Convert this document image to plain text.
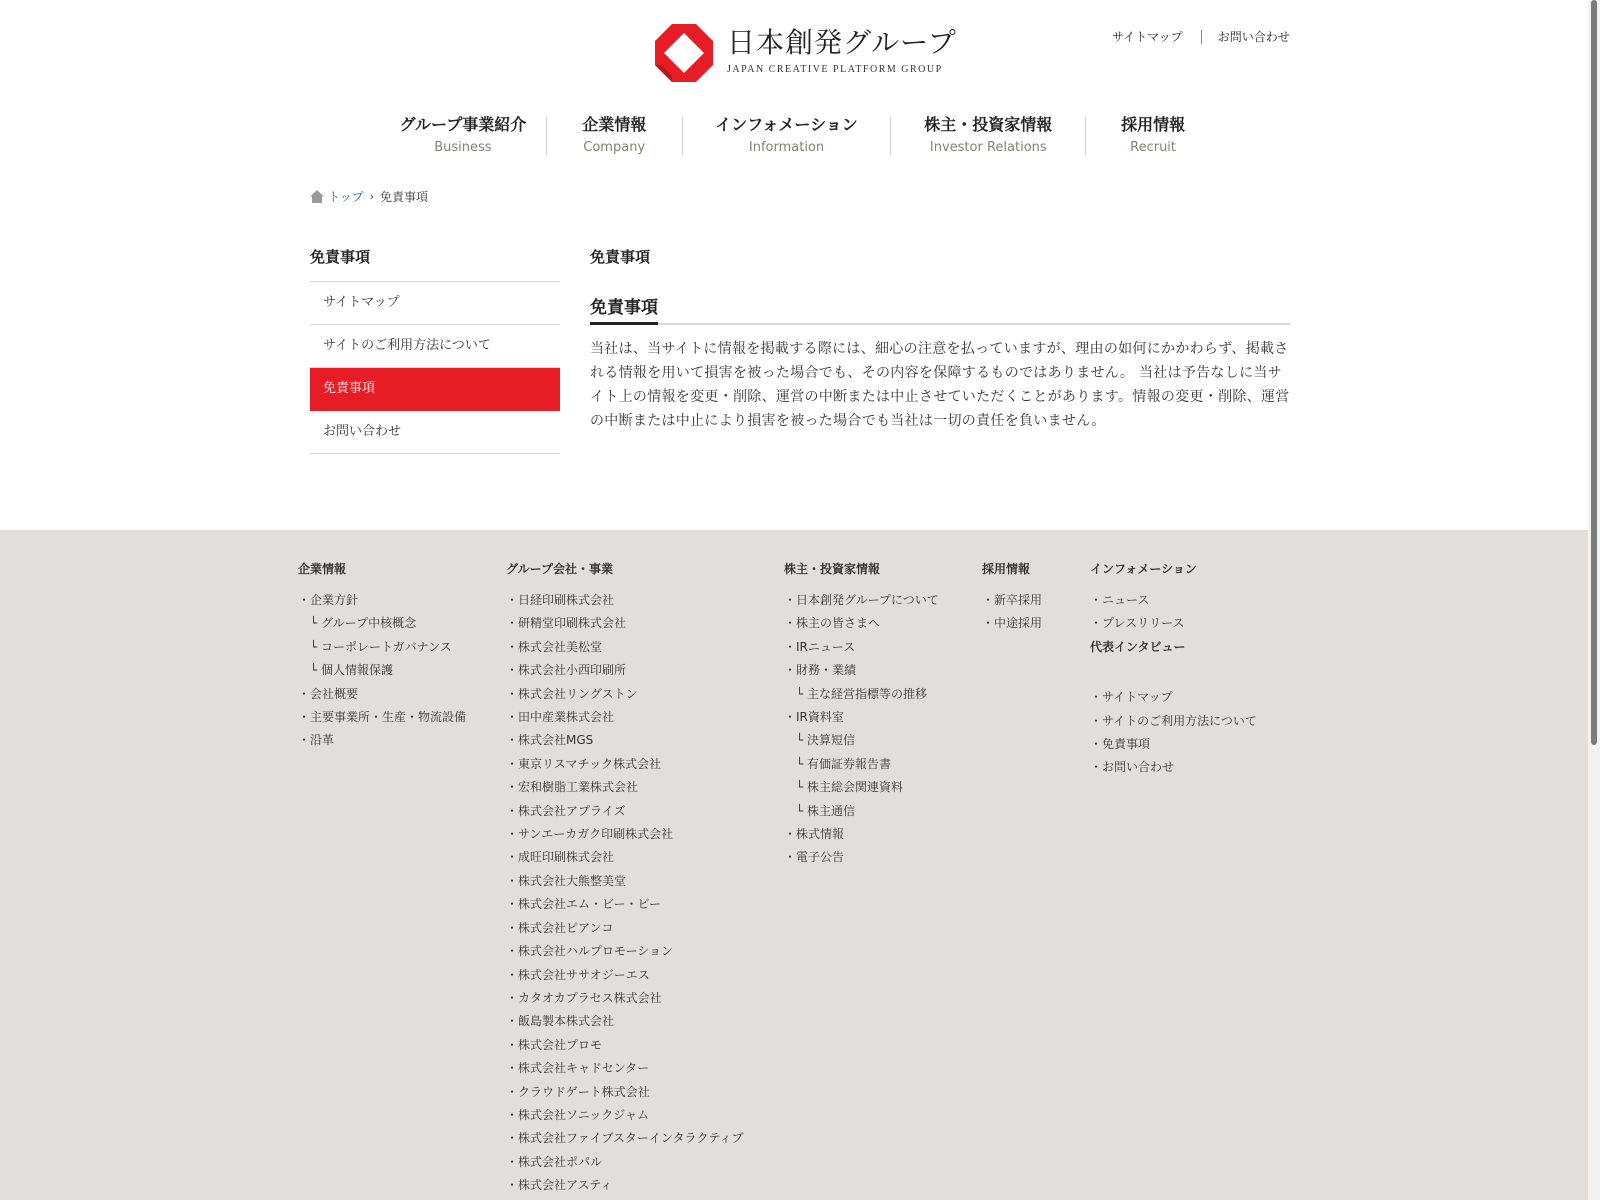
日本創発グループ
JAPAN CREATIVE PLATFORM GROUP
サイトマップ	お問い合わせ
グループ事業紹介
Business
企業情報
Company
インフォメーション
Information
株主・投資家情報
Investor Relations
採用情報
Recruit
トップ › 免責事項
免責事項
サイトマップ
サイトのご利用方法について
免責事項
お問い合わせ
免責事項
免責事項

当社は、当サイトに情報を掲載する際には、細心の注意を払っていますが、理由の如何にかかわらず、掲載される情報を用いて損害を被った場合でも、その内容を保障するものではありません。 当社は予告なしに当サイト上の情報を変更・削除、運営の中断または中止させていただくことがあります。情報の変更・削除、運営の中断または中止により損害を被った場合でも当社は一切の責任を負いません。

企業情報
・企業方針
└ グループ中核概念
└ コーポレートガバナンス
└ 個人情報保護
・会社概要
・主要事業所・生産・物流設備
・沿革
グループ会社・事業
・日経印刷株式会社
・研精堂印刷株式会社
・株式会社美松堂
・株式会社小西印刷所
・株式会社リングストン
・田中産業株式会社
・株式会社MGS
・東京リスマチック株式会社
・宏和樹脂工業株式会社
・株式会社アプライズ
・サンエーカガク印刷株式会社
・成旺印刷株式会社
・株式会社大熊整美堂
・株式会社エム・ビー・ビー
・株式会社ピアンコ
・株式会社ハルプロモーション
・株式会社ササオジーエス
・カタオカプラセス株式会社
・飯島製本株式会社
・株式会社プロモ
・株式会社キャドセンター
・クラウドゲート株式会社
・株式会社ソニックジャム
・株式会社ファイブスターインタラクティブ
・株式会社ポパル
・株式会社アスティ
株主・投資家情報
・日本創発グループについて
・株主の皆さまへ
・IRニュース
・財務・業績
└ 主な経営指標等の推移
・IR資料室
└ 決算短信
└ 有価証券報告書
└ 株主総会関連資料
└ 株主通信
・株式情報
・電子公告
採用情報
・新卒採用
・中途採用
インフォメーション
・ニュース
・プレスリリース
代表インタビュー
・サイトマップ
・サイトのご利用方法について
・免責事項
・お問い合わせ
